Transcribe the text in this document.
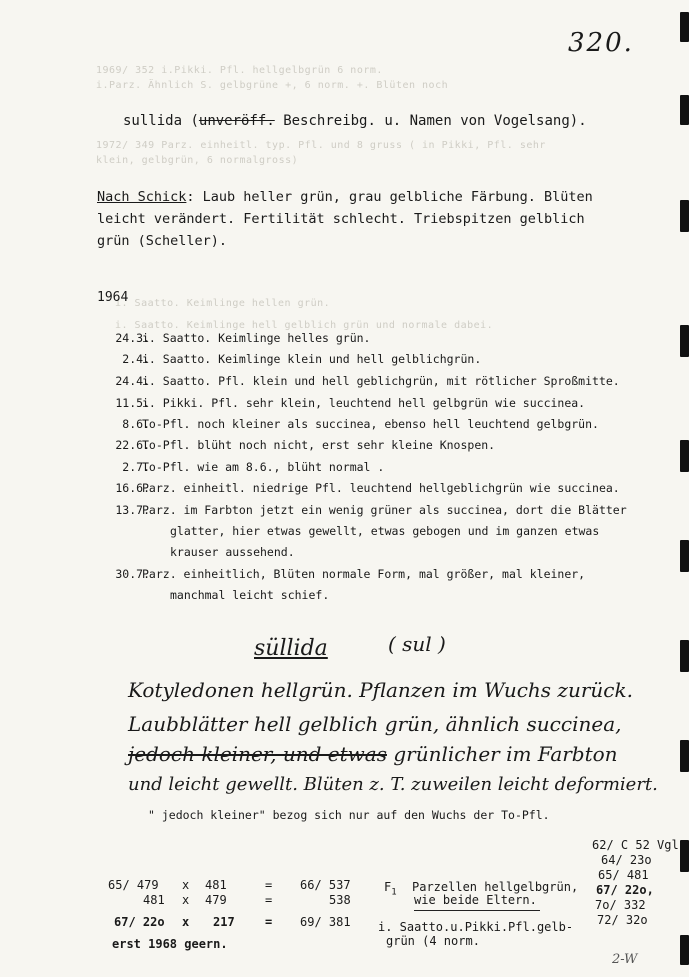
1969/ 352 i.Pikki. Pfl. hellgelbgrün 6 norm.
i.Parz. Ähnlich S. gelbgrüne +, 6 norm. +. Blüten noch
1972/ 349 Parz. einheitl. typ. Pfl. und 8 gruss ( in Pikki, Pfl. sehr
klein, gelbgrün, 6 normalgross)
i. Saatto. Keimlinge hellen grün.
i. Saatto. Keimlinge hell gelblich grün und normale dabei.
320.
sullida (unveröff. Beschreibg. u. Namen von Vogelsang).
Nach Schick: Laub heller grün, grau gelbliche Färbung. Blüten
leicht verändert. Fertilität schlecht. Triebspitzen gelblich
grün (Scheller).
1964
24.3.
i. Saatto. Keimlinge helles grün.
2.4.
i. Saatto. Keimlinge klein und hell gelblichgrün.
24.4.
i. Saatto. Pfl. klein und hell geblichgrün, mit rötlicher Sproßmitte.
11.5.
i. Pikki. Pfl. sehr klein, leuchtend hell gelbgrün wie succinea.
8.6.
To-Pfl. noch kleiner als succinea, ebenso hell leuchtend gelbgrün.
22.6.
To-Pfl. blüht noch nicht, erst sehr kleine Knospen.
2.7.
To-Pfl. wie am 8.6., blüht normal .
16.6.
Parz. einheitl. niedrige Pfl. leuchtend hellgeblichgrün wie succinea.
13.7.
Parz. im Farbton jetzt ein wenig grüner als succinea, dort die Blätter
glatter, hier etwas gewellt, etwas gebogen und im ganzen etwas
krauser aussehend.
30.7.
Parz. einheitlich, Blüten normale Form, mal größer, mal kleiner,
manchmal leicht schief.
süllida	( sul )
Kotyledonen hellgrün. Pflanzen im Wuchs zurück.
Laubblätter hell gelblich grün, ähnlich succinea,
jedoch kleiner, und etwas grünlicher im Farbton
und leicht gewellt. Blüten z. T. zuweilen leicht deformiert.
" jedoch kleiner" bezog sich nur auf den Wuchs der To-Pfl.
62/ C 52 Vgl
64/ 23o
65/ 481
67/ 22o,
7o/ 332
72/ 32o
65/ 479 x 481	= 66/ 537
481 x 479	=	538
67/ 22o x 217	= 69/ 381
$F_1$ Parzellen hellgelbgrün,
wie beide Eltern.
erst 1968 geern.
i. Saatto.u.Pikki.Pfl.gelb-
grün (4 norm.
2-W
